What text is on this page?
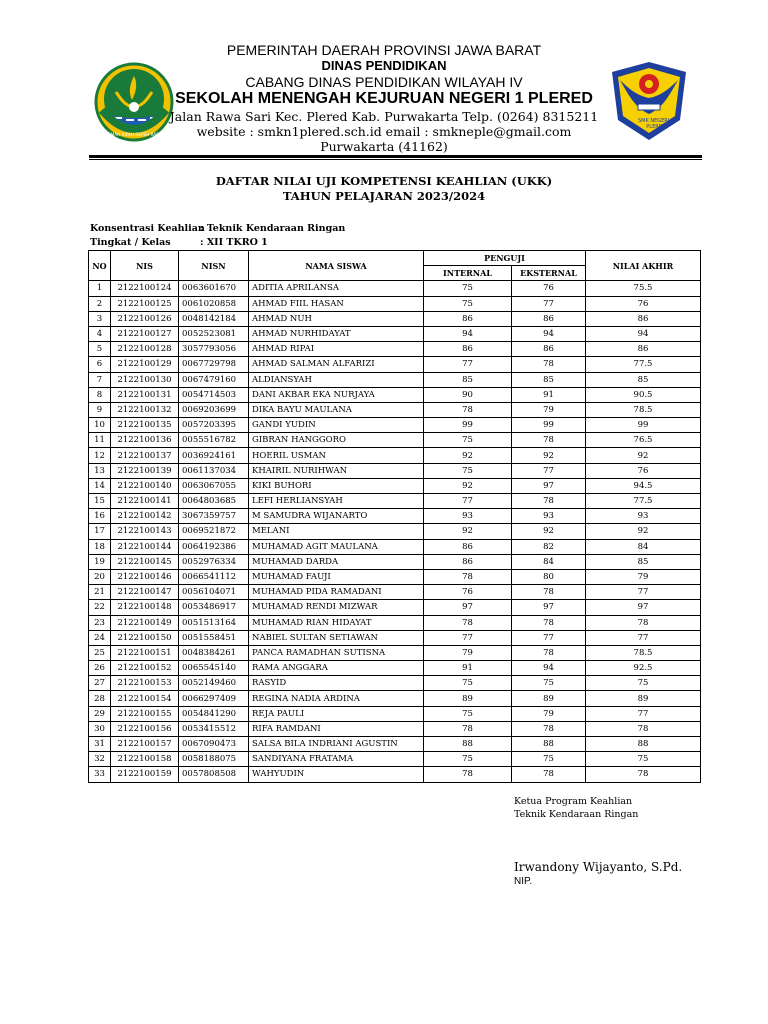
GEMAH RIPAH REPEH RAPIH
SMK NEGERI 1
PLERED
PEMERINTAH DAERAH PROVINSI JAWA BARAT
DINAS PENDIDIKAN
CABANG DINAS PENDIDIKAN WILAYAH IV
SEKOLAH MENENGAH KEJURUAN NEGERI 1 PLERED
Jalan Rawa Sari Kec. Plered Kab. Purwakarta Telp. (0264) 8315211
website : smkn1plered.sch.id email : smkneple@gmail.com
Purwakarta (41162)
DAFTAR NILAI UJI KOMPETENSI KEAHLIAN (UKK)
TAHUN PELAJARAN 2023/2024
Konsentrasi Keahlian: Teknik Kendaraan Ringan
Tingkat / Kelas	: XII TKRO 1
NO	NIS	NISN	NAMA SISWA	PENGUJI		NILAI AKHIR
				INTERNAL	EKSTERNAL	
1	2122100124	0063601670	ADITIA APRILANSA	75	76	75.5
2	2122100125	0061020858	AHMAD FIIL HASAN	75	77	76
3	2122100126	0048142184	AHMAD NUH	86	86	86
4	2122100127	0052523081	AHMAD NURHIDAYAT	94	94	94
5	2122100128	3057793056	AHMAD RIPAI	86	86	86
6	2122100129	0067729798	AHMAD SALMAN ALFARIZI	77	78	77.5
7	2122100130	0067479160	ALDIANSYAH	85	85	85
8	2122100131	0054714503	DANI AKBAR EKA NURJAYA	90	91	90.5
9	2122100132	0069203699	DIKA BAYU MAULANA	78	79	78.5
10	2122100135	0057203395	GANDI YUDIN	99	99	99
11	2122100136	0055516782	GIBRAN HANGGORO	75	78	76.5
12	2122100137	0036924161	HOERIL USMAN	92	92	92
13	2122100139	0061137034	KHAIRIL NURIHWAN	75	77	76
14	2122100140	0063067055	KIKI BUHORI	92	97	94.5
15	2122100141	0064803685	LEFI HERLIANSYAH	77	78	77.5
16	2122100142	3067359757	M SAMUDRA WIJANARTO	93	93	93
17	2122100143	0069521872	MELANI	92	92	92
18	2122100144	0064192386	MUHAMAD AGIT MAULANA	86	82	84
19	2122100145	0052976334	MUHAMAD DARDA	86	84	85
20	2122100146	0066541112	MUHAMAD FAUJI	78	80	79
21	2122100147	0056104071	MUHAMAD PIDA RAMADANI	76	78	77
22	2122100148	0053486917	MUHAMAD RENDI MIZWAR	97	97	97
23	2122100149	0051513164	MUHAMAD RIAN HIDAYAT	78	78	78
24	2122100150	0051558451	NABIEL SULTAN SETIAWAN	77	77	77
25	2122100151	0048384261	PANCA RAMADHAN SUTISNA	79	78	78.5
26	2122100152	0065545140	RAMA ANGGARA	91	94	92.5
27	2122100153	0052149460	RASYID	75	75	75
28	2122100154	0066297409	REGINA NADIA ARDINA	89	89	89
29	2122100155	0054841290	REJA PAULI	75	79	77
30	2122100156	0053415512	RIFA RAMDANI	78	78	78
31	2122100157	0067090473	SALSA BILA INDRIANI AGUSTIN	88	88	88
32	2122100158	0058188075	SANDIYANA FRATAMA	75	75	75
33	2122100159	0057808508	WAHYUDIN	78	78	78
Ketua Program Keahlian
Teknik Kendaraan Ringan
Irwandony Wijayanto, S.Pd.
NIP.
